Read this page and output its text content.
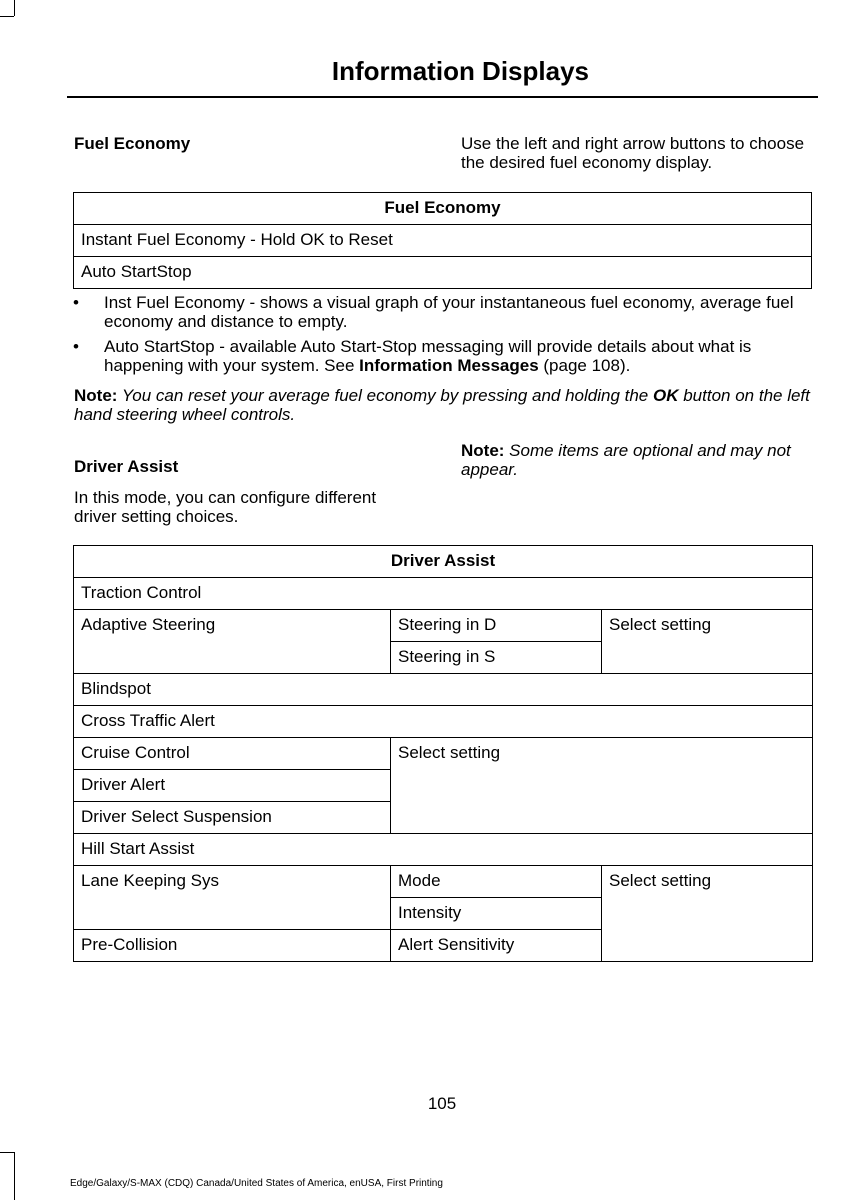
Information Displays
Fuel Economy	Use the left and right arrow buttons to choose the desired fuel economy display.
Fuel Economy
Instant Fuel Economy - Hold OK to Reset
Auto StartStop
• Inst Fuel Economy - shows a visual graph of your instantaneous fuel economy, average fuel economy and distance to empty.
• Auto StartStop - available Auto Start-Stop messaging will provide details about what is happening with your system. See Information Messages (page 108).
Note: You can reset your average fuel economy by pressing and holding the OK button on the left hand steering wheel controls.
Driver Assist
In this mode, you can configure different driver setting choices.
Note: Some items are optional and may not appear.
Driver Assist		
Traction Control		
Adaptive Steering	Steering in D	Select setting
	Steering in S	
Blindspot		
Cross Traffic Alert		
Cruise Control	Select setting	
Driver Alert		
Driver Select Suspension		
Hill Start Assist		
Lane Keeping Sys	Mode	Select setting
	Intensity	
Pre-Collision	Alert Sensitivity	
105
Edge/Galaxy/S-MAX (CDQ) Canada/United States of America, enUSA, First Printing
